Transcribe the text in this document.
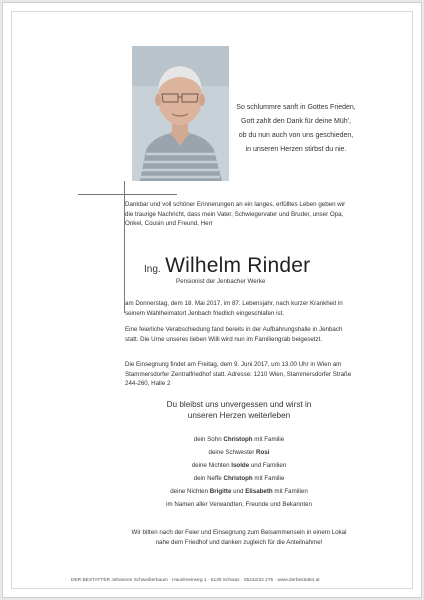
So schlummre sanft in Gottes Frieden,
Gott zahlt den Dank für deine Müh',
ob du nun auch von uns geschieden,
in unseren Herzen stirbst du nie.
Dankbar und voll schöner Erinnerungen an ein langes, erfülltes Leben geben wir die traurige Nachricht, dass mein Vater, Schwiegervater und Bruder, unser Opa, Onkel, Cousin und Freund, Herr
Ing. Wilhelm Rinder
Pensionist der Jenbacher Werke
am Donnerstag, dem 18. Mai 2017, im 87. Lebensjahr, nach kurzer Krankheit in seinem Wahlheimatort Jenbach friedlich eingeschlafen ist.
Eine feierliche Verabschiedung fand bereits in der Aufbahrungshalle in Jenbach statt. Die Urne unseres lieben Willi wird nun im Familiengrab beigesetzt.
Die Einsegnung findet am Freitag, dem 9. Juni 2017, um 13.00 Uhr in Wien am Stammersdorfer Zentralfriedhof statt. Adresse: 1210 Wien, Stammersdorfer Straße 244-260, Halle 2
Du bleibst uns unvergessen und wirst in
unseren Herzen weiterleben
dein Sohn Christoph mit Familie
deine Schwester Rosi
deine Nichten Isolde und Familien
dein Neffe Christoph mit Familie
deine Nichten Brigitte und Elisabeth mit Familien
im Namen aller Verwandten, Freunde und Bekannten
Wir bitten nach der Feier und Einsegnung zum Beisammensein in einem Lokal nahe dem Friedhof und danken zugleich für die Anteilnahme!
DER BESTATTER Johannes Schweiberbaum · Hauslmeirweg 1 · 6130 Schwaz · 05242/22 275 · www.derbestatter.at
